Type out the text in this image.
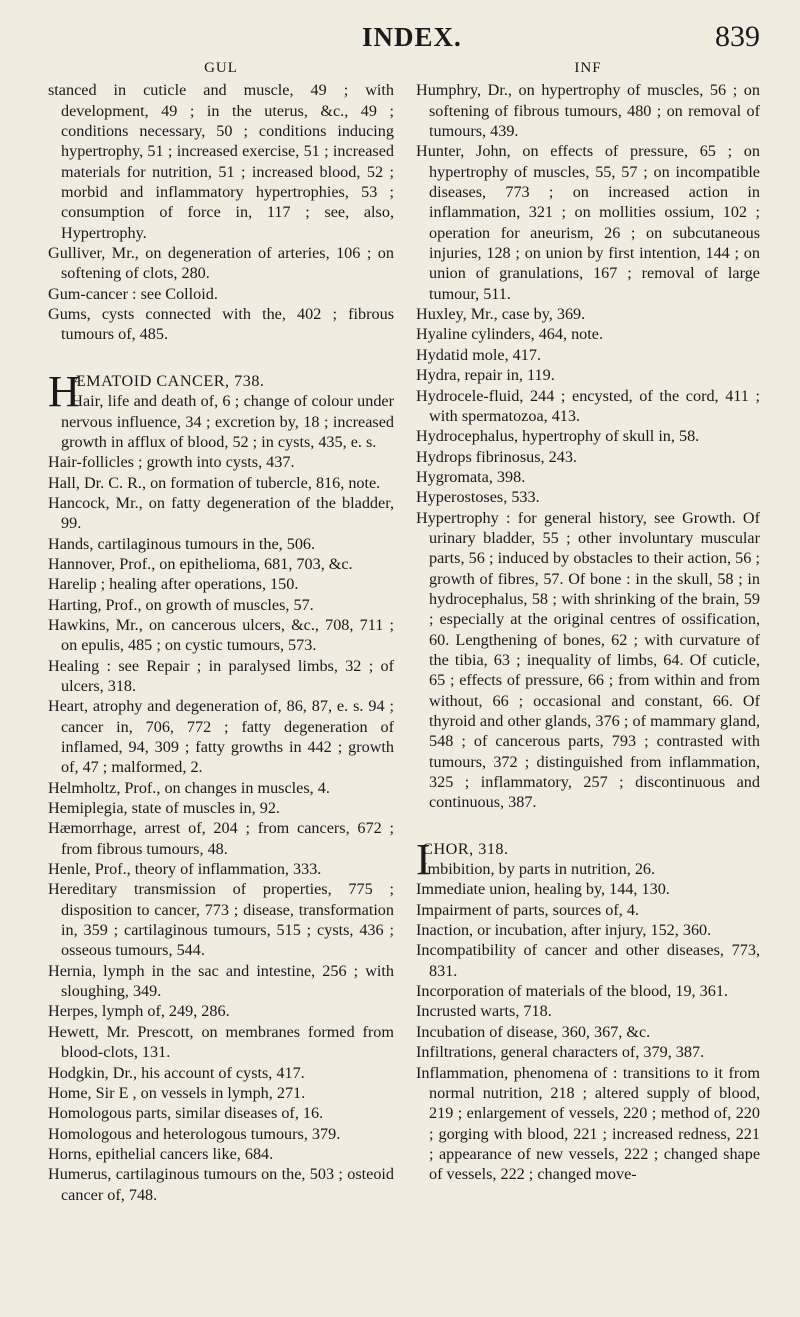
INDEX.	839
GUL
stanced in cuticle and muscle, 49 ; with development, 49 ; in the uterus, &c., 49 ; conditions necessary, 50 ; conditions inducing hypertrophy, 51 ; increased exercise, 51 ; increased materials for nutrition, 51 ; increased blood, 52 ; morbid and inflammatory hypertrophies, 53 ; consumption of force in, 117 ; see, also, Hypertrophy.
Gulliver, Mr., on degeneration of arteries, 106 ; on softening of clots, 280.
Gum-cancer : see Colloid.
Gums, cysts connected with the, 402 ; fibrous tumours of, 485.
H
ÆMATOID CANCER, 738.
Hair, life and death of, 6 ; change of colour under nervous influence, 34 ; excretion by, 18 ; increased growth in afflux of blood, 52 ; in cysts, 435, e. s.
Hair-follicles ; growth into cysts, 437.
Hall, Dr. C. R., on formation of tubercle, 816, note.
Hancock, Mr., on fatty degeneration of the bladder, 99.
Hands, cartilaginous tumours in the, 506.
Hannover, Prof., on epithelioma, 681, 703, &c.
Harelip ; healing after operations, 150.
Harting, Prof., on growth of muscles, 57.
Hawkins, Mr., on cancerous ulcers, &c., 708, 711 ; on epulis, 485 ; on cystic tumours, 573.
Healing : see Repair ; in paralysed limbs, 32 ; of ulcers, 318.
Heart, atrophy and degeneration of, 86, 87, e. s. 94 ; cancer in, 706, 772 ; fatty degeneration of inflamed, 94, 309 ; fatty growths in 442 ; growth of, 47 ; malformed, 2.
Helmholtz, Prof., on changes in muscles, 4.
Hemiplegia, state of muscles in, 92.
Hæmorrhage, arrest of, 204 ; from cancers, 672 ; from fibrous tumours, 48.
Henle, Prof., theory of inflammation, 333.
Hereditary transmission of properties, 775 ; disposition to cancer, 773 ; disease, transformation in, 359 ; cartilaginous tumours, 515 ; cysts, 436 ; osseous tumours, 544.
Hernia, lymph in the sac and intestine, 256 ; with sloughing, 349.
Herpes, lymph of, 249, 286.
Hewett, Mr. Prescott, on membranes formed from blood-clots, 131.
Hodgkin, Dr., his account of cysts, 417.
Home, Sir E , on vessels in lymph, 271.
Homologous parts, similar diseases of, 16.
Homologous and heterologous tumours, 379.
Horns, epithelial cancers like, 684.
Humerus, cartilaginous tumours on the, 503 ; osteoid cancer of, 748.
INF
Humphry, Dr., on hypertrophy of muscles, 56 ; on softening of fibrous tumours, 480 ; on removal of tumours, 439.
Hunter, John, on effects of pressure, 65 ; on hypertrophy of muscles, 55, 57 ; on incompatible diseases, 773 ; on increased action in inflammation, 321 ; on mollities ossium, 102 ; operation for aneurism, 26 ; on subcutaneous injuries, 128 ; on union by first intention, 144 ; on union of granulations, 167 ; removal of large tumour, 511.
Huxley, Mr., case by, 369.
Hyaline cylinders, 464, note.
Hydatid mole, 417.
Hydra, repair in, 119.
Hydrocele-fluid, 244 ; encysted, of the cord, 411 ; with spermatozoa, 413.
Hydrocephalus, hypertrophy of skull in, 58.
Hydrops fibrinosus, 243.
Hygromata, 398.
Hyperostoses, 533.
Hypertrophy : for general history, see Growth. Of urinary bladder, 55 ; other involuntary muscular parts, 56 ; induced by obstacles to their action, 56 ; growth of fibres, 57. Of bone : in the skull, 58 ; in hydrocephalus, 58 ; with shrinking of the brain, 59 ; especially at the original centres of ossification, 60. Lengthening of bones, 62 ; with curvature of the tibia, 63 ; inequality of limbs, 64. Of cuticle, 65 ; effects of pressure, 66 ; from within and from without, 66 ; occasional and constant, 66. Of thyroid and other glands, 376 ; of mammary gland, 548 ; of cancerous parts, 793 ; contrasted with tumours, 372 ; distinguished from inflammation, 325 ; inflammatory, 257 ; discontinuous and continuous, 387.
I
CHOR, 318.
Imbibition, by parts in nutrition, 26.
Immediate union, healing by, 144, 130.
Impairment of parts, sources of, 4.
Inaction, or incubation, after injury, 152, 360.
Incompatibility of cancer and other diseases, 773, 831.
Incorporation of materials of the blood, 19, 361.
Incrusted warts, 718.
Incubation of disease, 360, 367, &c.
Infiltrations, general characters of, 379, 387.
Inflammation, phenomena of : transitions to it from normal nutrition, 218 ; altered supply of blood, 219 ; enlargement of vessels, 220 ; method of, 220 ; gorging with blood, 221 ; increased redness, 221 ; appearance of new vessels, 222 ; changed shape of vessels, 222 ; changed move-
